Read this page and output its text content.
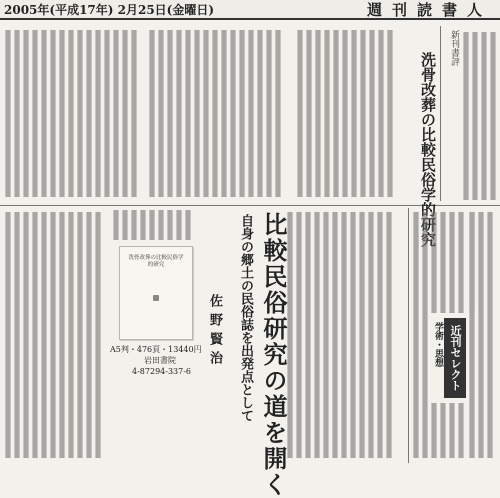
2005年(平成17年) 2月25日(金曜日)	週刊読書人

新刊書評
洗骨改葬の比較民俗学的研究
比較民俗研究の道を開く
自身の郷土の民俗誌を出発点として
佐野賢治
洗骨改葬の比較民俗学的研究
A5判・476頁・13440円
岩田書院
4-87294-337-6	近刊セレクト
学術・思想
